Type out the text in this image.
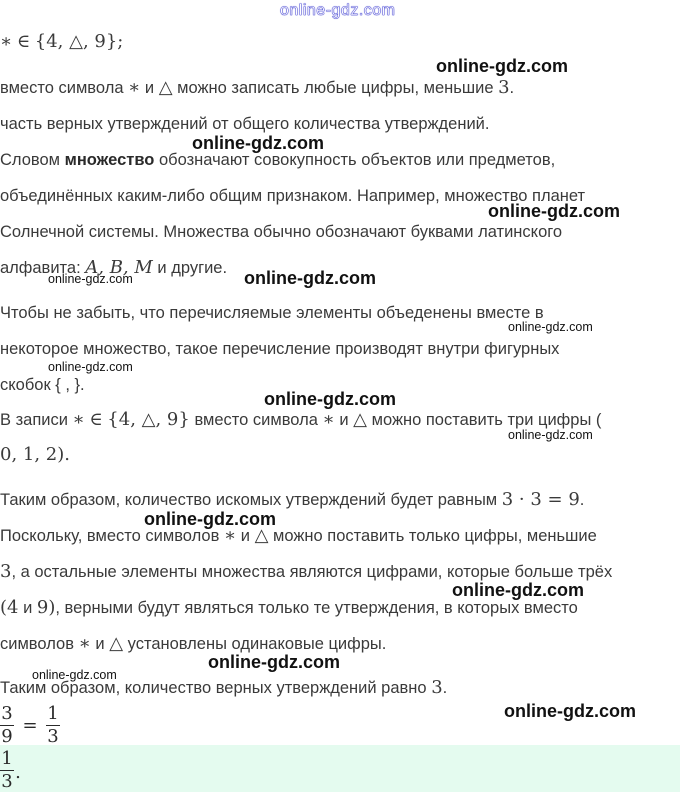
online-gdz.com
∗ ∈ {4, △, 9};
вместо символа ∗ и △ можно записать любые цифры, меньшие 3.
часть верных утверждений от общего количества утверждений.
Словом множество обозначают совокупность объектов или предметов,
объединённых каким-либо общим признаком. Например, множество планет
Солнечной системы. Множества обычно обозначают буквами латинского
алфавита: A, B, M и другие.
Чтобы не забыть, что перечисляемые элементы объеденены вместе в
некоторое множество, такое перечисление производят внутри фигурных
скобок { , }.
В записи ∗ ∈ {4, △, 9} вместо символа ∗ и △ можно поставить три цифры (
0, 1, 2).
Таким образом, количество искомых утверждений будет равным 3 · 3 = 9.
Поскольку, вместо символов ∗ и △ можно поставить только цифры, меньшие
3, а остальные элементы множества являются цифрами, которые больше трёх
(4 и 9), верными будут являться только те утверждения, в которых вместо
символов ∗ и △ установлены одинаковые цифры.
Таким образом, количество верных утверждений равно 3.
3
9
=
1
3
1
3 .
online-gdz.com
online-gdz.com
online-gdz.com
online-gdz.com
online-gdz.com
online-gdz.com
online-gdz.com
online-gdz.com
online-gdz.com
online-gdz.com
online-gdz.com
online-gdz.com
online-gdz.com
online-gdz.com
